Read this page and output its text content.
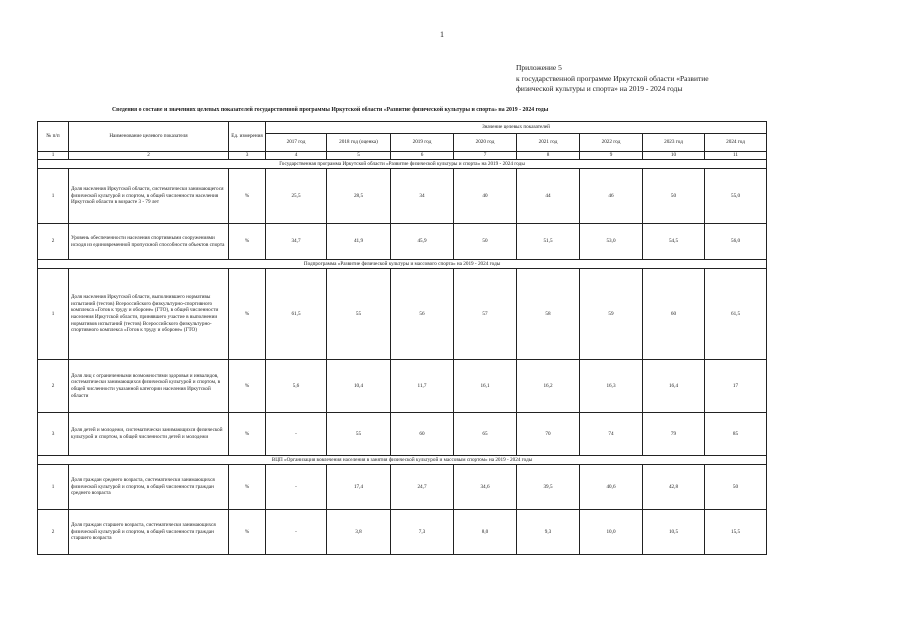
1
Приложение 5
к государственной программе Иркутской области «Развитие
физической культуры и спорта» на 2019 - 2024 годы
Сведения о составе и значениях целевых показателей государственной программы Иркутской области «Развитие физической культуры и спорта» на 2019 - 2024 годы
№ п/п	Наименование целевого показателя	Ед. измерения	Значение целевых показателей							
			2017 год	2018 год (оценка)	2019 год	2020 год	2021 год	2022 год	2023 год	2024 год
1	2	3	4	5	6	7	8	9	10	11
Государственная программа Иркутской области «Развитие физической культуры и спорта» на 2019 - 2024 годы										
1	Доля населения Иркутской области, систематически занимающегося физической культурой и спортом, в общей численности населения Иркутской области в возрасте 3 - 79 лет	%	25,5	28,5	34	40	44	46	50	55,0
2	Уровень обеспеченности населения спортивными сооружениями исходя из единовременной пропускной способности объектов спорта	%	34,7	41,9	45,9	50	51,5	53,0	54,5	56,0
Подпрограмма «Развитие физической культуры и массового спорта» на 2019 - 2024 годы										
1	Доля населения Иркутской области, выполнившего нормативы испытаний (тестов) Всероссийского физкультурно-спортивного комплекса «Готов к труду и обороне» (ГТО), в общей численности населения Иркутской области, принявшего участие в выполнении нормативов испытаний (тестов) Всероссийского физкультурно-спортивного комплекса «Готов к труду и обороне» (ГТО)	%	61,5	55	56	57	58	59	60	61,5
2	Доля лиц с ограниченными возможностями здоровья и инвалидов, систематически занимающихся физической культурой и спортом, в общей численности указанной категории населения Иркутской области	%	5,6	10,4	11,7	16,1	16,2	16,3	16,4	17
3	Доля детей и молодежи, систематически занимающихся физической культурой и спортом, в общей численности детей и молодежи	%	-	55	60	65	70	74	79	85
ВЦП «Организация вовлечения населения в занятия физической культурой и массовым спортом» на 2019 - 2024 годы										
1	Доля граждан среднего возраста, систематически занимающихся физической культурой и спортом, в общей численности граждан среднего возраста	%	-	17,4	24,7	34,6	39,5	40,6	42,8	50
2	Доля граждан старшего возраста, систематически занимающихся физической культурой и спортом, в общей численности граждан старшего возраста	%	-	3,8	7,3	8,0	9,3	10,0	10,5	15,5
